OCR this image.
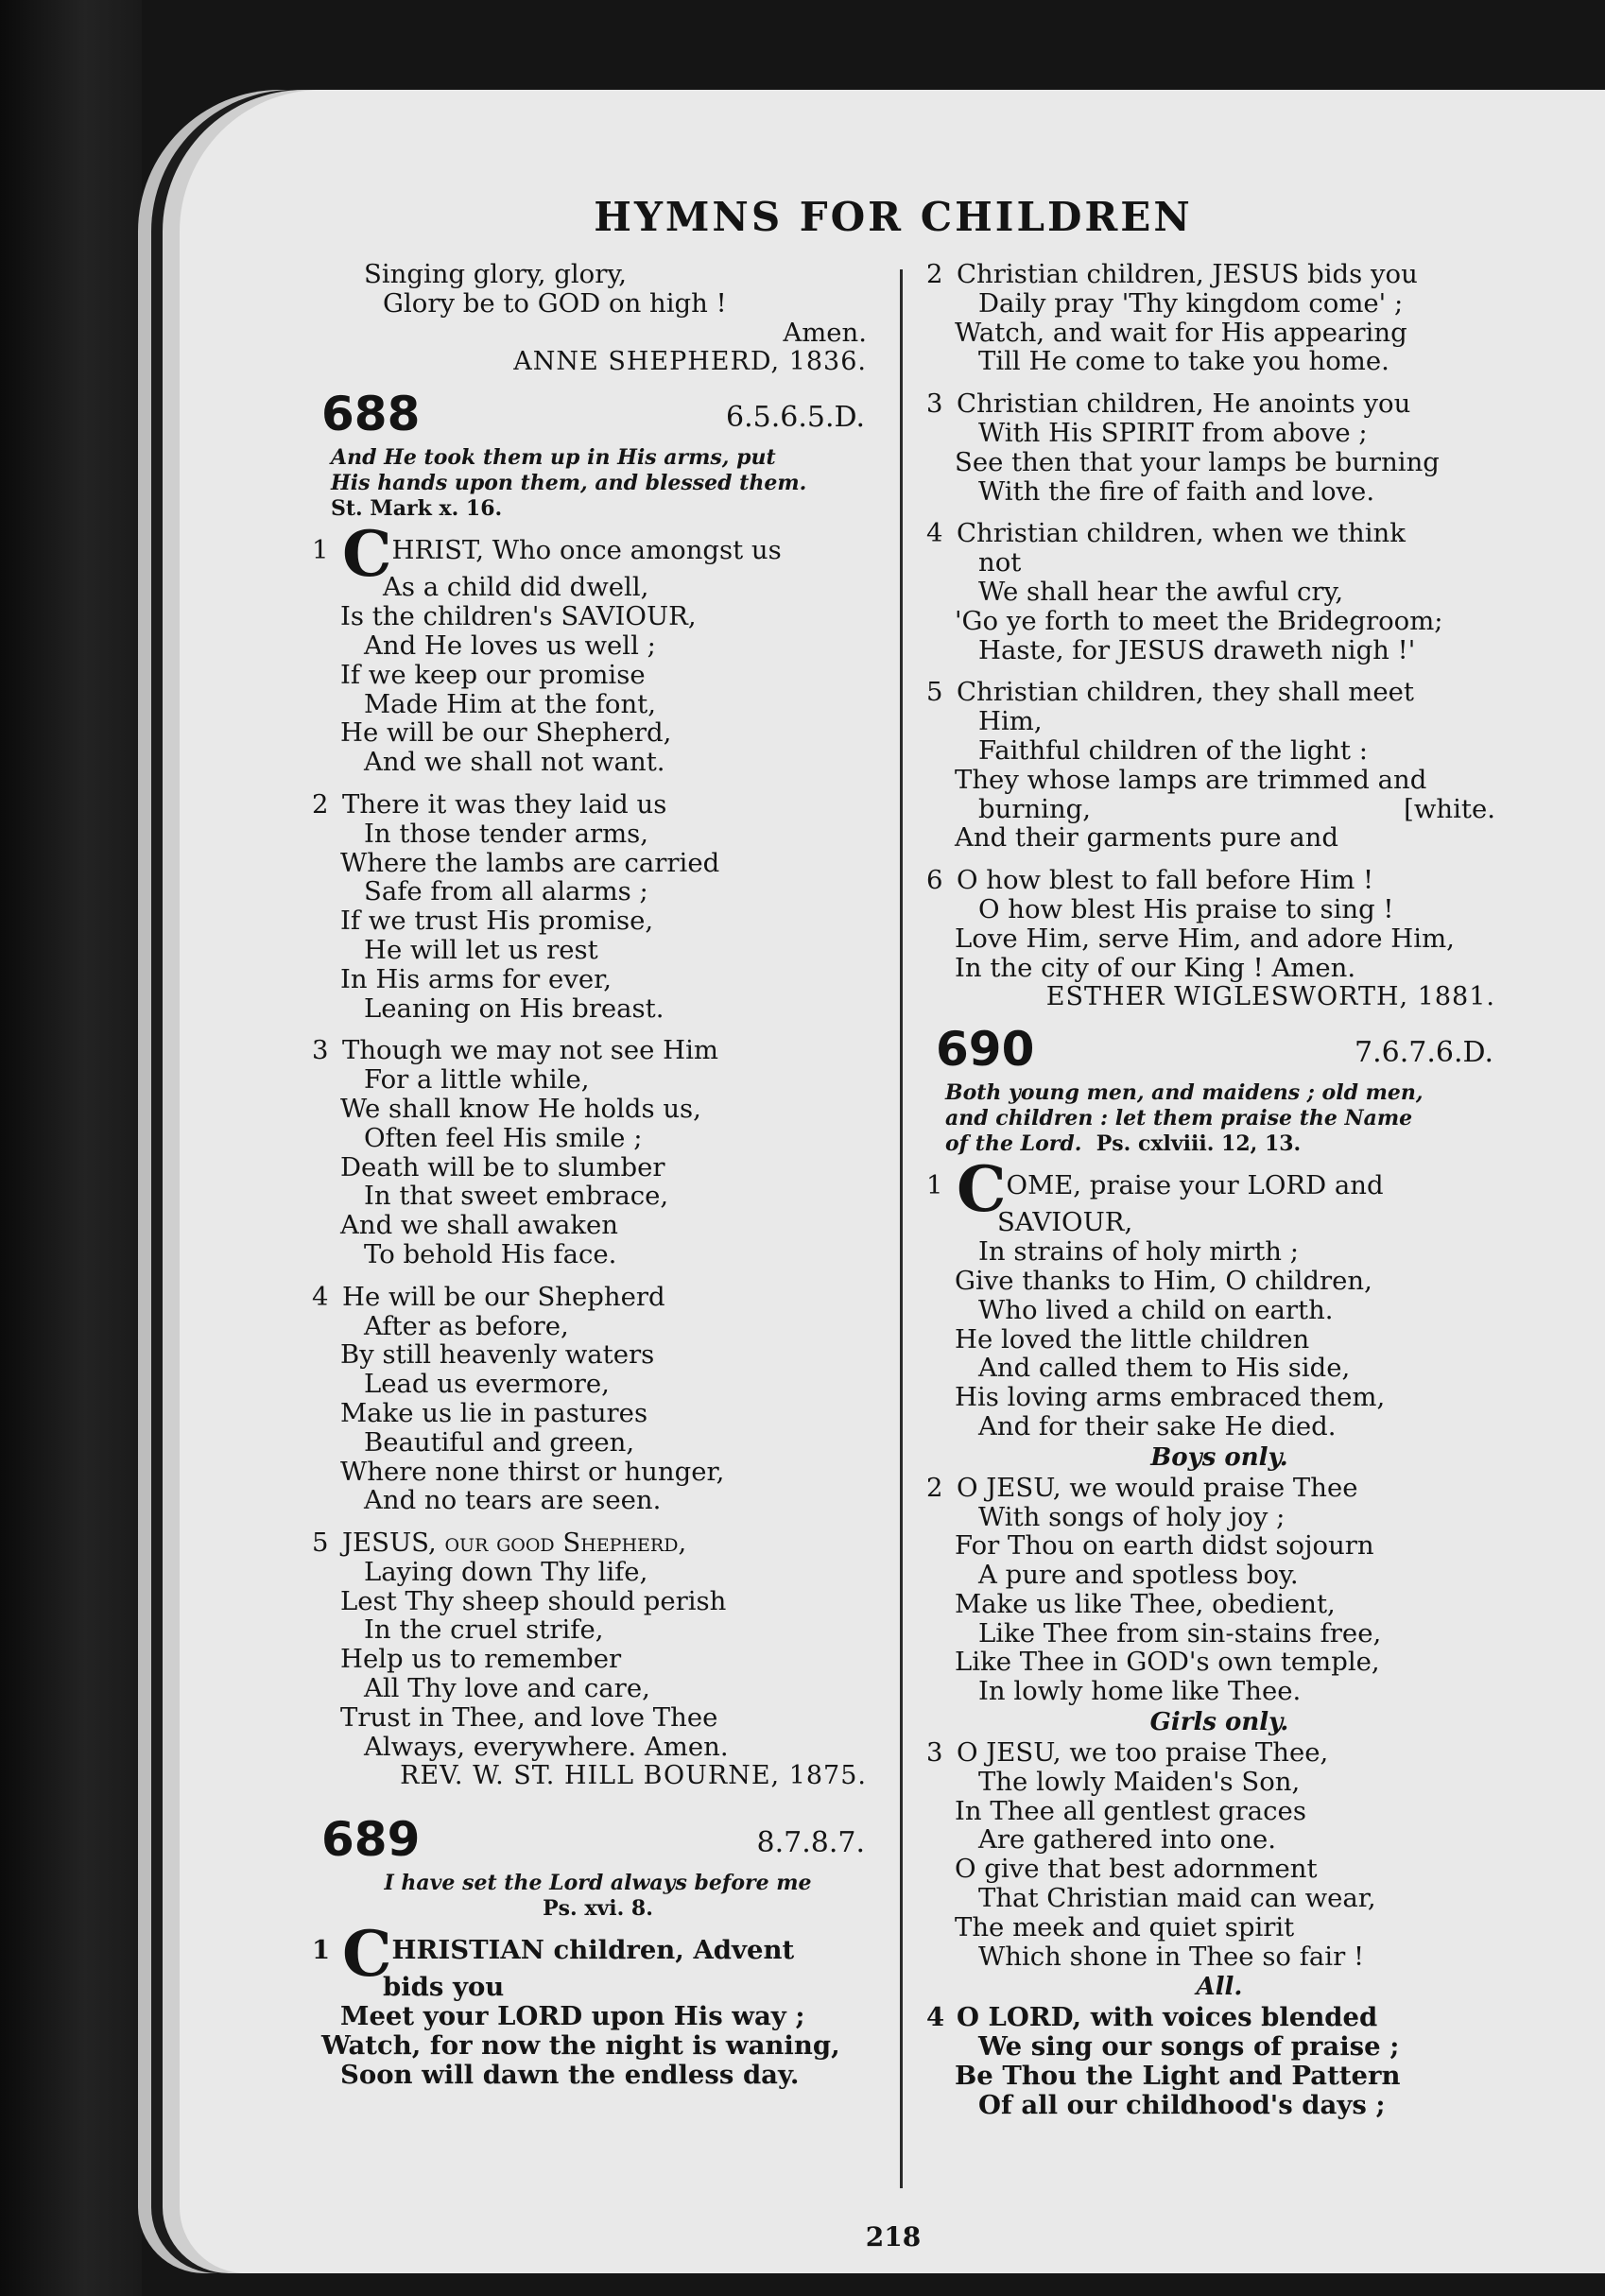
HYMNS FOR CHILDREN
Singing glory, glory,
Glory be to GOD on high !
Amen.
ANNE SHEPHERD, 1836.
688	6.5.6.5.D.
And He took them up in His arms, put
His hands upon them, and blessed them.
St. Mark x. 16.
1 CHRIST, Who once amongst us
As a child did dwell,
Is the children's SAVIOUR,
And He loves us well ;
If we keep our promise
Made Him at the font,
He will be our Shepherd,
And we shall not want.
2 There it was they laid us
In those tender arms,
Where the lambs are carried
Safe from all alarms ;
If we trust His promise,
He will let us rest
In His arms for ever,
Leaning on His breast.
3 Though we may not see Him
For a little while,
We shall know He holds us,
Often feel His smile ;
Death will be to slumber
In that sweet embrace,
And we shall awaken
To behold His face.
4 He will be our Shepherd
After as before,
By still heavenly waters
Lead us evermore,
Make us lie in pastures
Beautiful and green,
Where none thirst or hunger,
And no tears are seen.
5 JESUS, our good Shepherd,
Laying down Thy life,
Lest Thy sheep should perish
In the cruel strife,
Help us to remember
All Thy love and care,
Trust in Thee, and love Thee
Always, everywhere. Amen.
REV. W. ST. HILL BOURNE, 1875.
689	8.7.8.7.
I have set the Lord always before me
Ps. xvi. 8.
1 CHRISTIAN children, Advent
bids you
Meet your LORD upon His way ;
Watch, for now the night is waning,
Soon will dawn the endless day.
2 Christian children, JESUS bids you
Daily pray 'Thy kingdom come' ;
Watch, and wait for His appearing
Till He come to take you home.
3 Christian children, He anoints you
With His SPIRIT from above ;
See then that your lamps be burning
With the fire of faith and love.
4 Christian children, when we think
not
We shall hear the awful cry,
'Go ye forth to meet the Bridegroom;
Haste, for JESUS draweth nigh !'
5 Christian children, they shall meet
Him,
Faithful children of the light :
They whose lamps are trimmed and
burning,	[white.
And their garments pure and
6 O how blest to fall before Him !
O how blest His praise to sing !
Love Him, serve Him, and adore Him,
In the city of our King ! Amen.
ESTHER WIGLESWORTH, 1881.
690	7.6.7.6.D.
Both young men, and maidens ; old men,
and children : let them praise the Name
of the Lord. Ps. cxlviii. 12, 13.
1 COME, praise your LORD and
SAVIOUR,
In strains of holy mirth ;
Give thanks to Him, O children,
Who lived a child on earth.
He loved the little children
And called them to His side,
His loving arms embraced them,
And for their sake He died.
Boys only.
2 O JESU, we would praise Thee
With songs of holy joy ;
For Thou on earth didst sojourn
A pure and spotless boy.
Make us like Thee, obedient,
Like Thee from sin-stains free,
Like Thee in GOD's own temple,
In lowly home like Thee.
Girls only.
3 O JESU, we too praise Thee,
The lowly Maiden's Son,
In Thee all gentlest graces
Are gathered into one.
O give that best adornment
That Christian maid can wear,
The meek and quiet spirit
Which shone in Thee so fair !
All.
4 O LORD, with voices blended
We sing our songs of praise ;
Be Thou the Light and Pattern
Of all our childhood's days ;
218
